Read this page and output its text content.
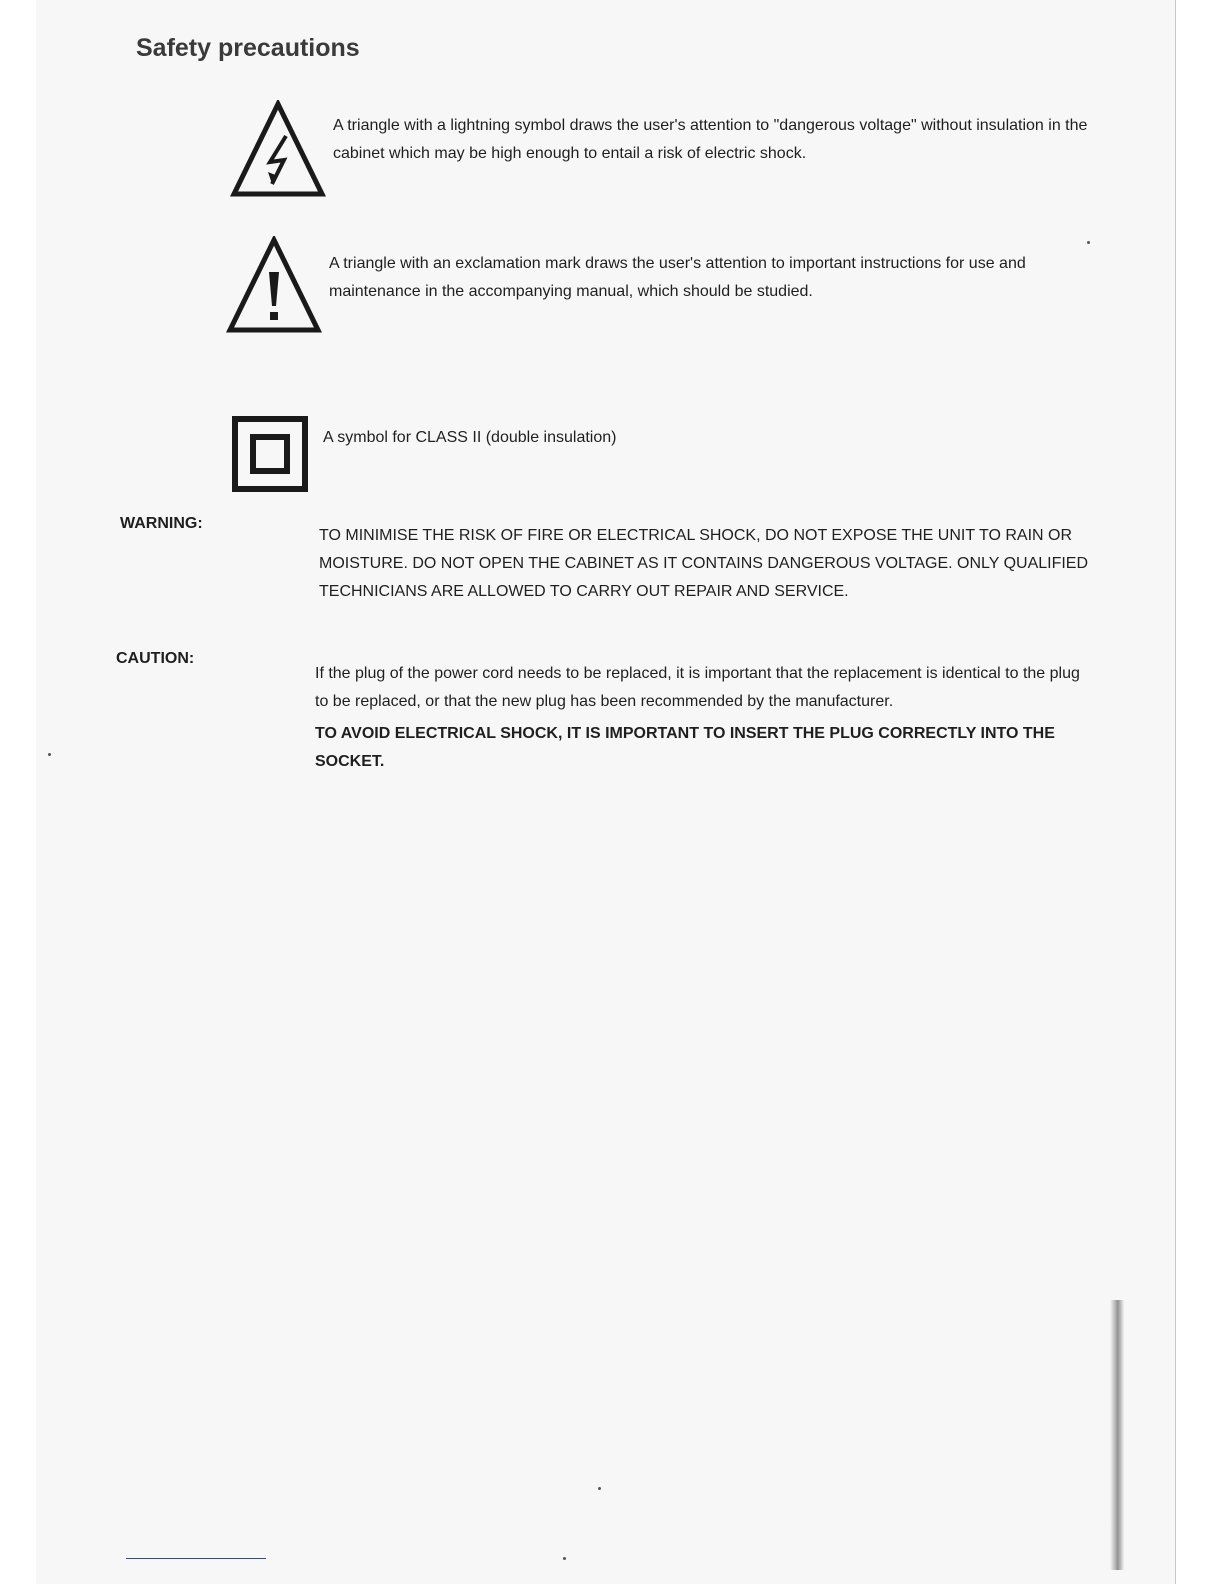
Safety precautions
A triangle with a lightning symbol draws the user's attention to "dangerous voltage" without insulation in the cabinet which may be high enough to entail a risk of electric shock.
A triangle with an exclamation mark draws the user's attention to important instructions for use and maintenance in the accompanying manual, which should be studied.
A symbol for CLASS II (double insulation)
WARNING:
TO MINIMISE THE RISK OF FIRE OR ELECTRICAL SHOCK, DO NOT EXPOSE THE UNIT TO RAIN OR MOISTURE. DO NOT OPEN THE CABINET AS IT CONTAINS DANGEROUS VOLTAGE. ONLY QUALIFIED TECHNICIANS ARE ALLOWED TO CARRY OUT REPAIR AND SERVICE.
CAUTION:
If the plug of the power cord needs to be replaced, it is important that the replacement is identical to the plug to be replaced, or that the new plug has been recommended by the manufacturer.
TO AVOID ELECTRICAL SHOCK, IT IS IMPORTANT TO INSERT THE PLUG CORRECTLY INTO THE SOCKET.
